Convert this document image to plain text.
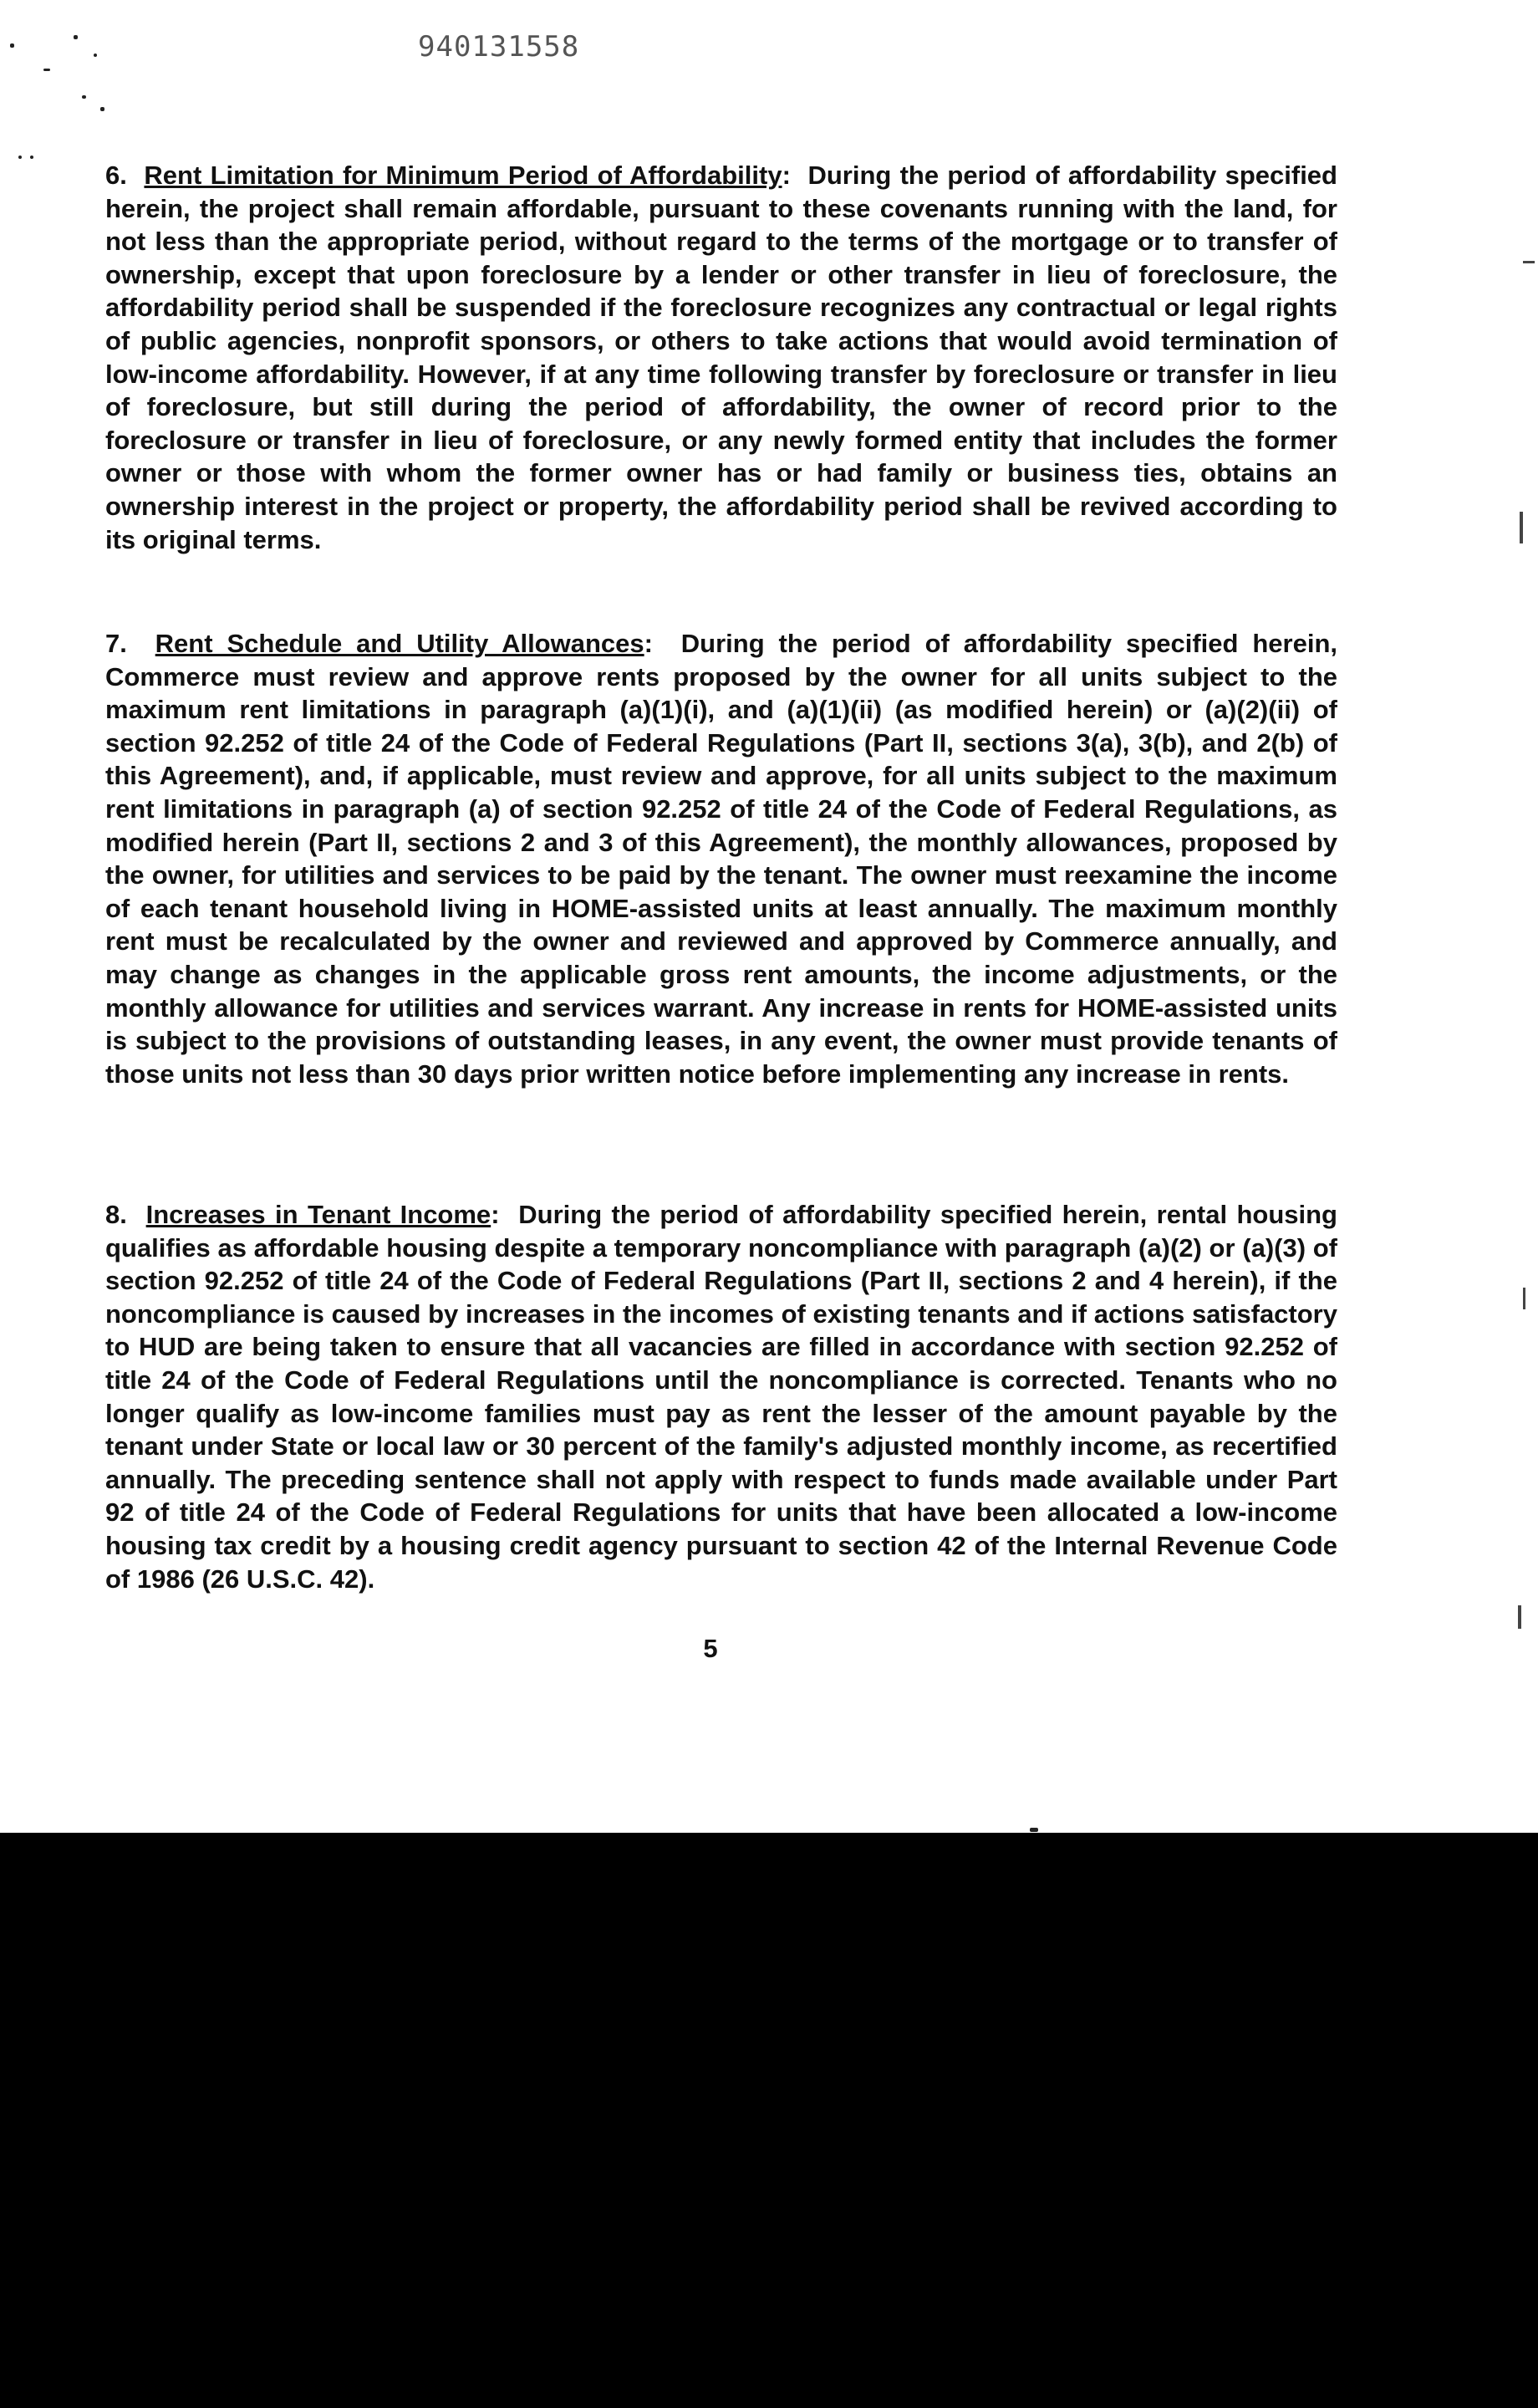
940131558

6. Rent Limitation for Minimum Period of Affordability:  During the period of affordability specified herein, the project shall remain affordable, pursuant to these covenants running with the land, for not less than the appropriate period, without regard to the terms of the mortgage or to transfer of ownership, except that upon foreclosure by a lender or other transfer in lieu of foreclosure, the affordability period shall be suspended if the foreclosure recognizes any contractual or legal rights of public agencies, nonprofit sponsors, or others to take actions that would avoid termination of low-income affordability. However, if at any time following transfer by foreclosure or transfer in lieu of foreclosure, but still during the period of affordability, the owner of record prior to the foreclosure or transfer in lieu of foreclosure, or any newly formed entity that includes the former owner or those with whom the former owner has or had family or business ties, obtains an ownership interest in the project or property, the affordability period shall be revived according to its original terms.

7. Rent Schedule and Utility Allowances:  During the period of affordability specified herein, Commerce must review and approve rents proposed by the owner for all units subject to the maximum rent limitations in paragraph (a)(1)(i), and (a)(1)(ii) (as modified herein) or (a)(2)(ii) of section 92.252 of title 24 of the Code of Federal Regulations (Part II, sections 3(a), 3(b), and 2(b) of this Agreement), and, if applicable, must review and approve, for all units subject to the maximum rent limitations in paragraph (a) of section 92.252 of title 24 of the Code of Federal Regulations, as modified herein (Part II, sections 2 and 3 of this Agreement), the monthly allowances, proposed by the owner, for utilities and services to be paid by the tenant. The owner must reexamine the income of each tenant household living in HOME-assisted units at least annually. The maximum monthly rent must be recalculated by the owner and reviewed and approved by Commerce annually, and may change as changes in the applicable gross rent amounts, the income adjustments, or the monthly allowance for utilities and services warrant. Any increase in rents for HOME-assisted units is subject to the provisions of outstanding leases, in any event, the owner must provide tenants of those units not less than 30 days prior written notice before implementing any increase in rents.

8. Increases in Tenant Income:  During the period of affordability specified herein, rental housing qualifies as affordable housing despite a temporary noncompliance with paragraph (a)(2) or (a)(3) of section 92.252 of title 24 of the Code of Federal Regulations (Part II, sections 2 and 4 herein), if the noncompliance is caused by increases in the incomes of existing tenants and if actions satisfactory to HUD are being taken to ensure that all vacancies are filled in accordance with section 92.252 of title 24 of the Code of Federal Regulations until the noncompliance is corrected. Tenants who no longer qualify as low-income families must pay as rent the lesser of the amount payable by the tenant under State or local law or 30 percent of the family's adjusted monthly income, as recertified annually. The preceding sentence shall not apply with respect to funds made available under Part 92 of title 24 of the Code of Federal Regulations for units that have been allocated a low-income housing tax credit by a housing credit agency pursuant to section 42 of the Internal Revenue Code of 1986 (26 U.S.C. 42).

5
